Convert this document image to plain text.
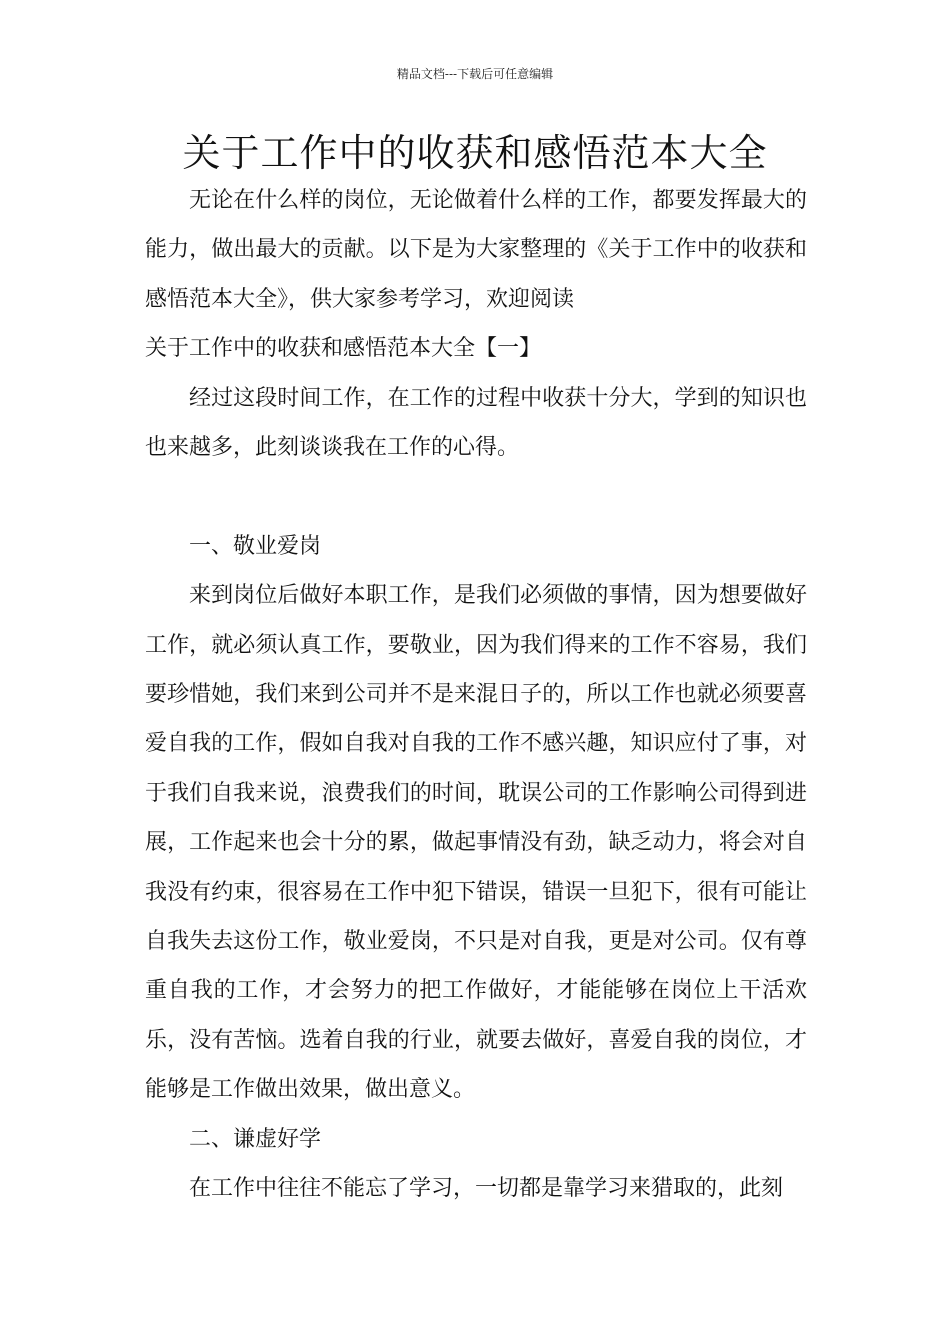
精品文档---下载后可任意编辑
关于工作中的收获和感悟范本大全

无论在什么样的岗位，无论做着什么样的工作，都要发挥最大的能力，做出最大的贡献。以下是为大家整理的《关于工作中的收获和感悟范本大全》，供大家参考学习，欢迎阅读

关于工作中的收获和感悟范本大全【一】

经过这段时间工作，在工作的过程中收获十分大，学到的知识也也来越多，此刻谈谈我在工作的心得。

一、敬业爱岗

来到岗位后做好本职工作，是我们必须做的事情，因为想要做好工作，就必须认真工作，要敬业，因为我们得来的工作不容易，我们要珍惜她，我们来到公司并不是来混日子的，所以工作也就必须要喜爱自我的工作，假如自我对自我的工作不感兴趣，知识应付了事，对于我们自我来说，浪费我们的时间，耽误公司的工作影响公司得到进展，工作起来也会十分的累，做起事情没有劲，缺乏动力，将会对自我没有约束，很容易在工作中犯下错误，错误一旦犯下，很有可能让自我失去这份工作，敬业爱岗，不只是对自我，更是对公司。仅有尊重自我的工作，才会努力的把工作做好，才能能够在岗位上干活欢乐，没有苦恼。选着自我的行业，就要去做好，喜爱自我的岗位，才能够是工作做出效果，做出意义。

二、谦虚好学

在工作中往往不能忘了学习，一切都是靠学习来猎取的，此刻
